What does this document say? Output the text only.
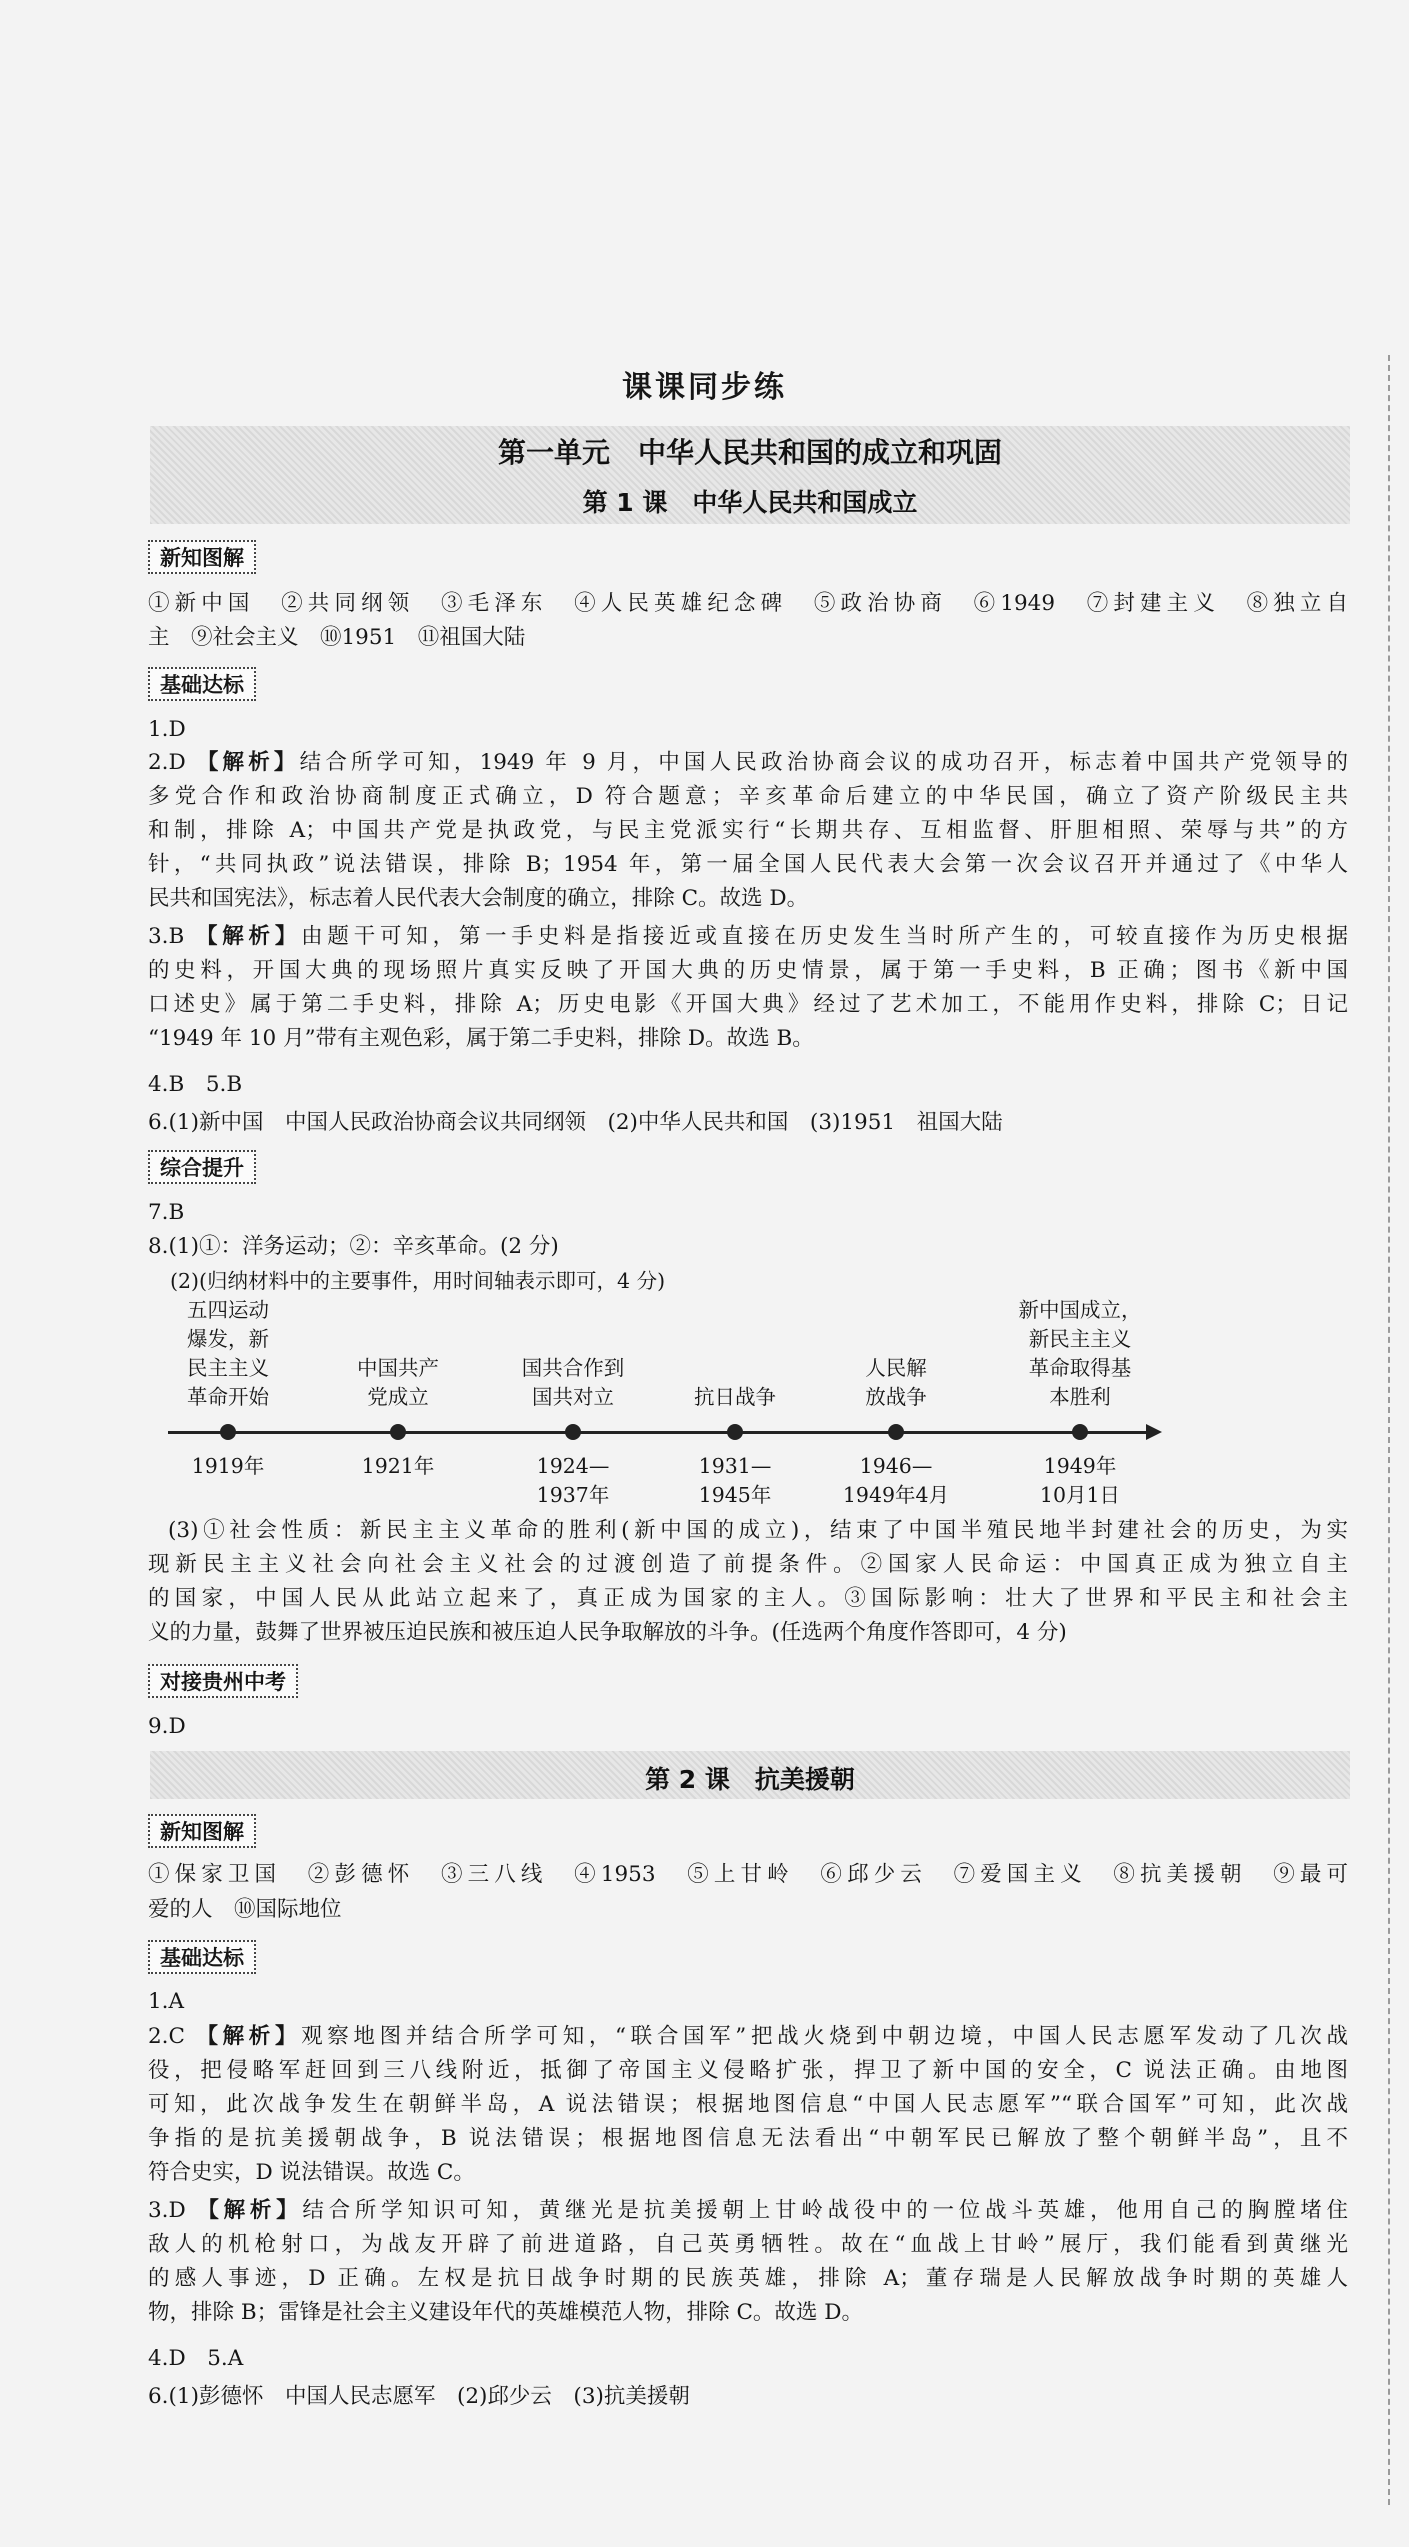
课课同步练
第一单元　中华人民共和国的成立和巩固
第 1 课　中华人民共和国成立
新知图解
①新中国　②共同纲领　③毛泽东　④人民英雄纪念碑　⑤政治协商　⑥1949　⑦封建主义　⑧独立自
主　⑨社会主义　⑩1951　⑪祖国大陆
基础达标
1.D
2.D 【解析】结合所学可知，1949 年 9 月，中国人民政治协商会议的成功召开，标志着中国共产党领导的
多党合作和政治协商制度正式确立，D 符合题意；辛亥革命后建立的中华民国，确立了资产阶级民主共
和制，排除 A；中国共产党是执政党，与民主党派实行“长期共存、互相监督、肝胆相照、荣辱与共”的方
针，“共同执政”说法错误，排除 B；1954 年，第一届全国人民代表大会第一次会议召开并通过了《中华人
民共和国宪法》，标志着人民代表大会制度的确立，排除 C。故选 D。
3.B 【解析】由题干可知，第一手史料是指接近或直接在历史发生当时所产生的，可较直接作为历史根据
的史料，开国大典的现场照片真实反映了开国大典的历史情景，属于第一手史料，B 正确；图书《新中国
口述史》属于第二手史料，排除 A；历史电影《开国大典》经过了艺术加工，不能用作史料，排除 C；日记
“1949 年 10 月”带有主观色彩，属于第二手史料，排除 D。故选 B。
4.B　5.B
6.(1)新中国　中国人民政治协商会议共同纲领　(2)中华人民共和国　(3)1951　祖国大陆
综合提升
7.B
8.(1)①：洋务运动；②：辛亥革命。(2 分)
(2)(归纳材料中的主要事件，用时间轴表示即可，4 分)
五四运动
爆发，新
民主主义
革命开始
1919年
中国共产
党成立
1921年
国共合作到
国共对立
1924—
1937年
抗日战争
1931—
1945年
人民解
放战争
1946—
1949年4月
新中国成立，
新民主主义
革命取得基
本胜利
1949年
10月1日
(3)①社会性质：新民主主义革命的胜利(新中国的成立)，结束了中国半殖民地半封建社会的历史，为实
现新民主主义社会向社会主义社会的过渡创造了前提条件。②国家人民命运：中国真正成为独立自主
的国家，中国人民从此站立起来了，真正成为国家的主人。③国际影响：壮大了世界和平民主和社会主
义的力量，鼓舞了世界被压迫民族和被压迫人民争取解放的斗争。(任选两个角度作答即可，4 分)
对接贵州中考
9.D
第 2 课　抗美援朝
新知图解
①保家卫国　②彭德怀　③三八线　④1953　⑤上甘岭　⑥邱少云　⑦爱国主义　⑧抗美援朝　⑨最可
爱的人　⑩国际地位
基础达标
1.A
2.C 【解析】观察地图并结合所学可知，“联合国军”把战火烧到中朝边境，中国人民志愿军发动了几次战
役，把侵略军赶回到三八线附近，抵御了帝国主义侵略扩张，捍卫了新中国的安全，C 说法正确。由地图
可知，此次战争发生在朝鲜半岛，A 说法错误；根据地图信息“中国人民志愿军”“联合国军”可知，此次战
争指的是抗美援朝战争，B 说法错误；根据地图信息无法看出“中朝军民已解放了整个朝鲜半岛”，且不
符合史实，D 说法错误。故选 C。
3.D 【解析】结合所学知识可知，黄继光是抗美援朝上甘岭战役中的一位战斗英雄，他用自己的胸膛堵住
敌人的机枪射口，为战友开辟了前进道路，自己英勇牺牲。故在“血战上甘岭”展厅，我们能看到黄继光
的感人事迹，D 正确。左权是抗日战争时期的民族英雄，排除 A；董存瑞是人民解放战争时期的英雄人
物，排除 B；雷锋是社会主义建设年代的英雄模范人物，排除 C。故选 D。
4.D　5.A
6.(1)彭德怀　中国人民志愿军　(2)邱少云　(3)抗美援朝
